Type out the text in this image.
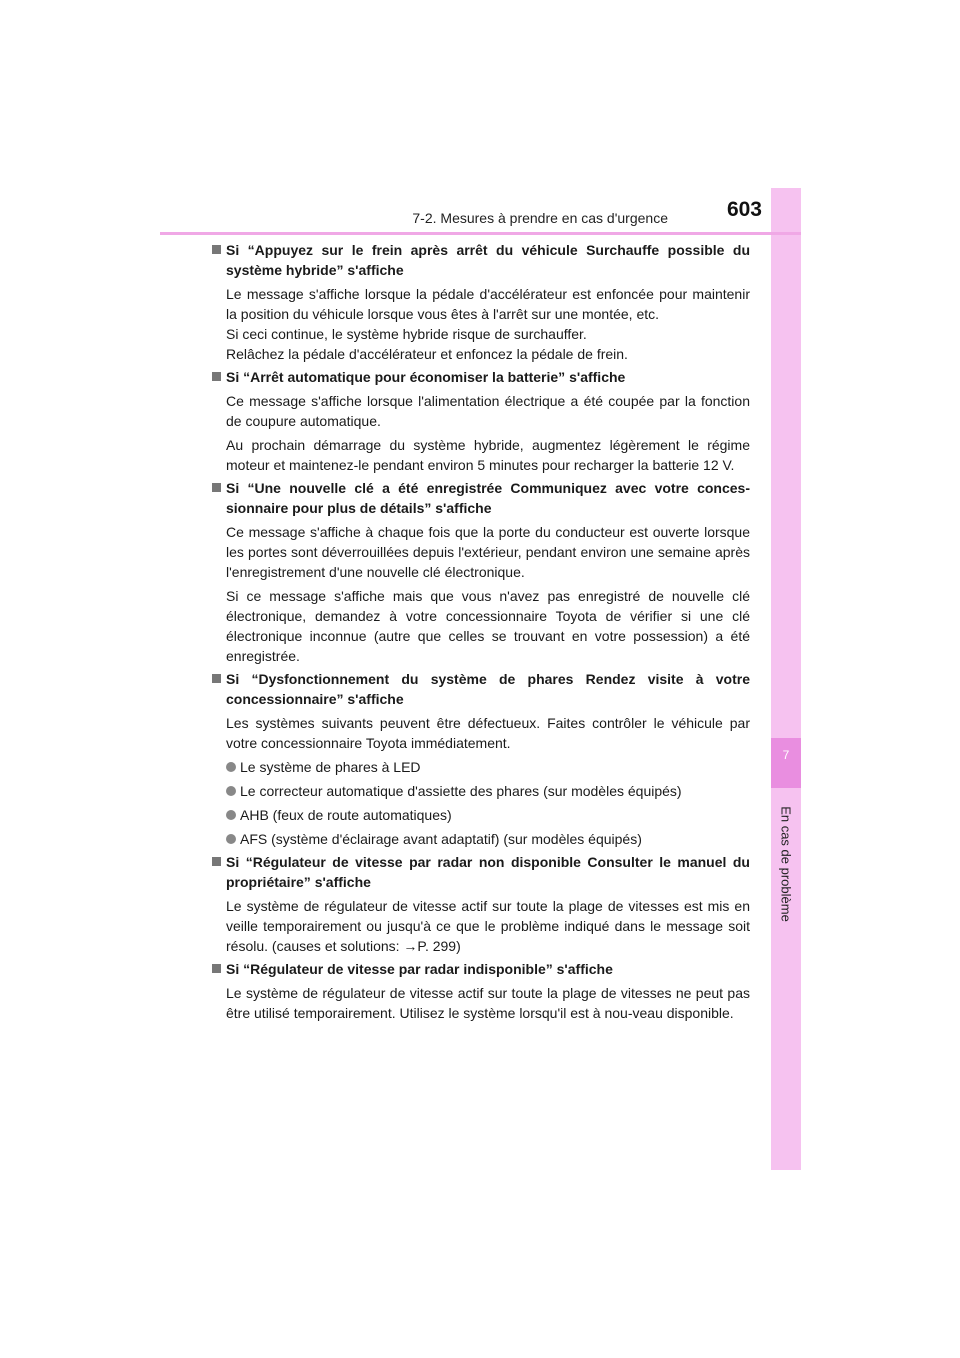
7
En cas de problème
7-2. Mesures à prendre en cas d'urgence	603
Si “Appuyez sur le frein après arrêt du véhicule Surchauffe possible du système hybride” s'affiche
Le message s'affiche lorsque la pédale d'accélérateur est enfoncée pour maintenir la position du véhicule lorsque vous êtes à l'arrêt sur une montée, etc.
Si ceci continue, le système hybride risque de surchauffer.
Relâchez la pédale d'accélérateur et enfoncez la pédale de frein.
Si “Arrêt automatique pour économiser la batterie” s'affiche
Ce message s'affiche lorsque l'alimentation électrique a été coupée par la fonction de coupure automatique.
Au prochain démarrage du système hybride, augmentez légèrement le régime moteur et maintenez-le pendant environ 5 minutes pour recharger la batterie 12 V.
Si “Une nouvelle clé a été enregistrée Communiquez avec votre conces-sionnaire pour plus de détails” s'affiche
Ce message s'affiche à chaque fois que la porte du conducteur est ouverte lorsque les portes sont déverrouillées depuis l'extérieur, pendant environ une semaine après l'enregistrement d'une nouvelle clé électronique.
Si ce message s'affiche mais que vous n'avez pas enregistré de nouvelle clé électronique, demandez à votre concessionnaire Toyota de vérifier si une clé électronique inconnue (autre que celles se trouvant en votre possession) a été enregistrée.
Si “Dysfonctionnement du système de phares Rendez visite à votre concessionnaire” s'affiche
Les systèmes suivants peuvent être défectueux. Faites contrôler le véhicule par votre concessionnaire Toyota immédiatement.
Le système de phares à LED
Le correcteur automatique d'assiette des phares (sur modèles équipés)
AHB (feux de route automatiques)
AFS (système d'éclairage avant adaptatif) (sur modèles équipés)
Si “Régulateur de vitesse par radar non disponible Consulter le manuel du propriétaire” s'affiche
Le système de régulateur de vitesse actif sur toute la plage de vitesses est mis en veille temporairement ou jusqu'à ce que le problème indiqué dans le message soit résolu. (causes et solutions: →P. 299)
Si “Régulateur de vitesse par radar indisponible” s'affiche
Le système de régulateur de vitesse actif sur toute la plage de vitesses ne peut pas être utilisé temporairement. Utilisez le système lorsqu'il est à nou-veau disponible.
